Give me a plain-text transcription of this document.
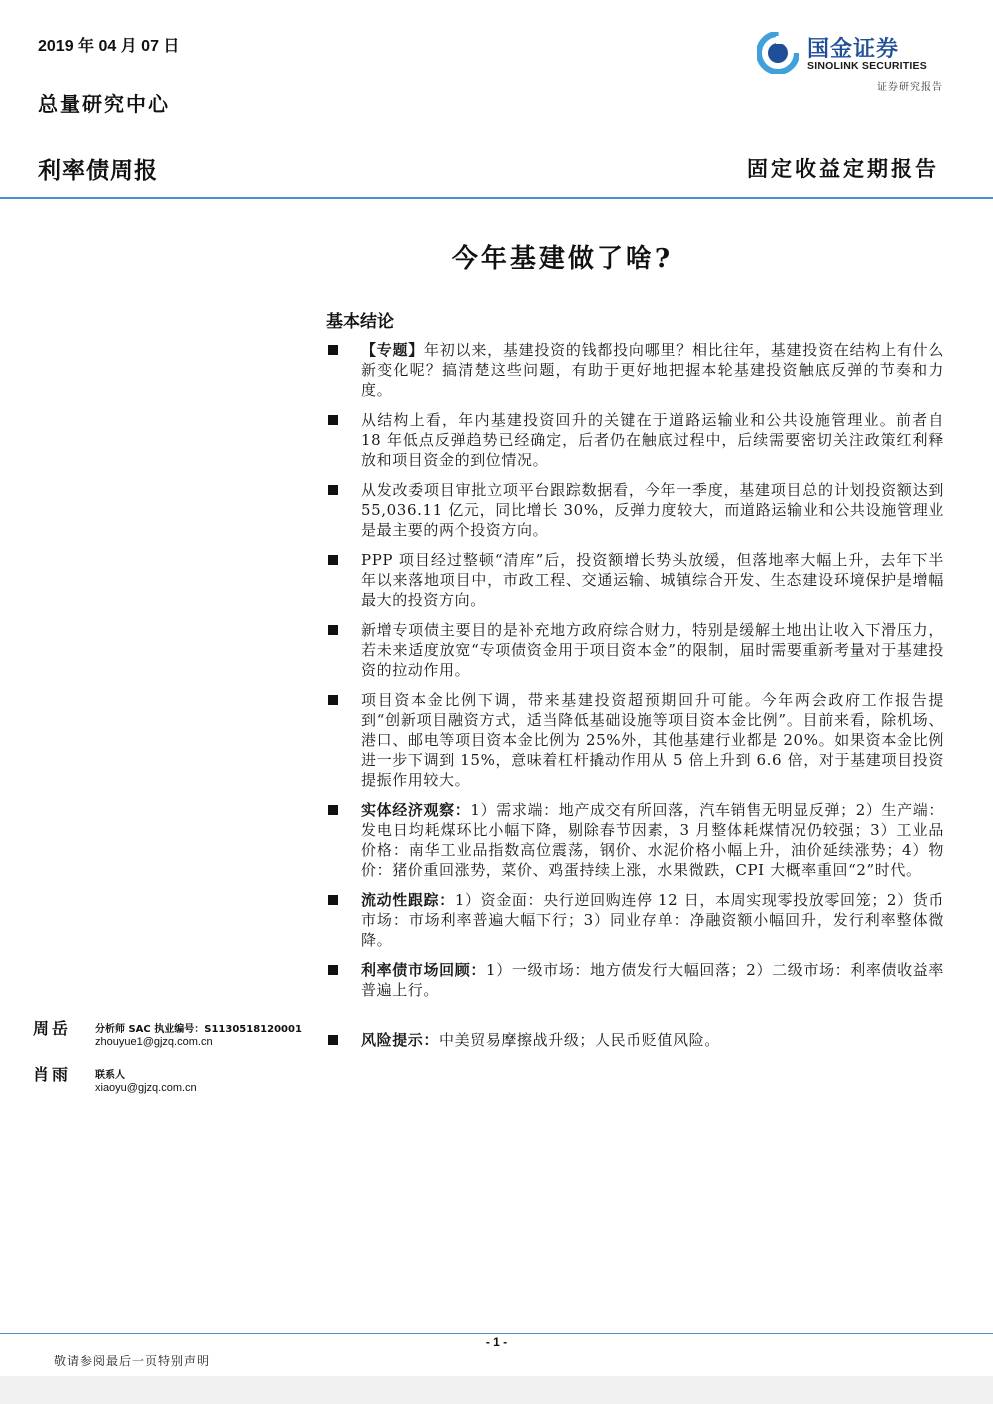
2019 年 04 月 07 日
总量研究中心
利率债周报	固定收益定期报告
国金证券
SINOLINK SECURITIES
证券研究报告
今年基建做了啥?
基本结论
【专题】年初以来，基建投资的钱都投向哪里？相比往年，基建投资在结构上有什么新变化呢？搞清楚这些问题，有助于更好地把握本轮基建投资触底反弹的节奏和力度。
从结构上看，年内基建投资回升的关键在于道路运输业和公共设施管理业。前者自 18 年低点反弹趋势已经确定，后者仍在触底过程中，后续需要密切关注政策红利释放和项目资金的到位情况。
从发改委项目审批立项平台跟踪数据看，今年一季度，基建项目总的计划投资额达到 55,036.11 亿元，同比增长 30%，反弹力度较大，而道路运输业和公共设施管理业是最主要的两个投资方向。
PPP 项目经过整顿“清库”后，投资额增长势头放缓，但落地率大幅上升，去年下半年以来落地项目中，市政工程、交通运输、城镇综合开发、生态建设环境保护是增幅最大的投资方向。
新增专项债主要目的是补充地方政府综合财力，特别是缓解土地出让收入下滑压力，若未来适度放宽“专项债资金用于项目资本金”的限制，届时需要重新考量对于基建投资的拉动作用。
项目资本金比例下调，带来基建投资超预期回升可能。今年两会政府工作报告提到“创新项目融资方式，适当降低基础设施等项目资本金比例”。目前来看，除机场、港口、邮电等项目资本金比例为 25%外，其他基建行业都是 20%。如果资本金比例进一步下调到 15%，意味着杠杆撬动作用从 5 倍上升到 6.6 倍，对于基建项目投资提振作用较大。
实体经济观察：1）需求端：地产成交有所回落，汽车销售无明显反弹；2）生产端：发电日均耗煤环比小幅下降，剔除春节因素，3 月整体耗煤情况仍较强；3）工业品价格：南华工业品指数高位震荡，钢价、水泥价格小幅上升，油价延续涨势；4）物价：猪价重回涨势，菜价、鸡蛋持续上涨，水果微跌，CPI 大概率重回“2”时代。
流动性跟踪：1）资金面：央行逆回购连停 12 日，本周实现零投放零回笼；2）货币市场：市场利率普遍大幅下行；3）同业存单：净融资额小幅回升，发行利率整体微降。
利率债市场回顾：1）一级市场：地方债发行大幅回落；2）二级市场：利率债收益率普遍上行。
风险提示：中美贸易摩擦战升级；人民币贬值风险。
周岳	分析师 SAC 执业编号：S1130518120001
zhouyue1@gjzq.com.cn
肖雨	联系人
xiaoyu@gjzq.com.cn
- 1 -
敬请参阅最后一页特别声明
